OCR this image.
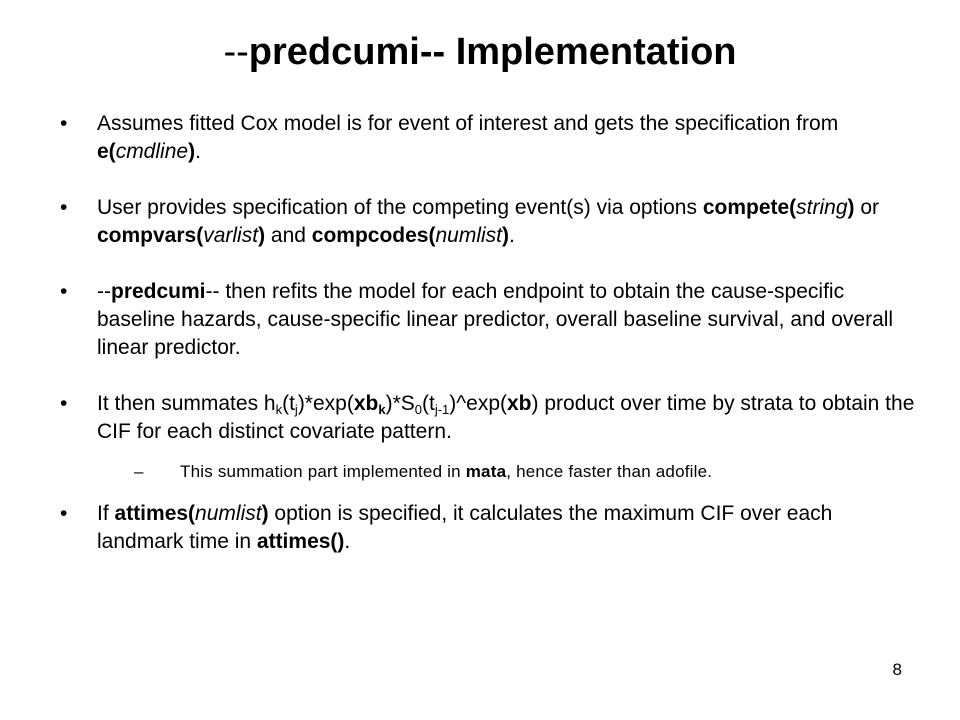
--predcumi-- Implementation
• Assumes fitted Cox model is for event of interest and gets the specification from e(cmdline).
• User provides specification of the competing event(s) via options compete(string) or compvars(varlist) and compcodes(numlist).
• --predcumi-- then refits the model for each endpoint to obtain the cause-specific baseline hazards, cause-specific linear predictor, overall baseline survival, and overall linear predictor.
• It then summates $h_k(t_j)*\exp(xb_k)*S_0(t_{j-1})\^{}\exp(xb)$ product over time by strata to obtain the CIF for each distinct covariate pattern.
– This summation part implemented in mata, hence faster than adofile.
• If attimes(numlist) option is specified, it calculates the maximum CIF over each landmark time in attimes().
8
